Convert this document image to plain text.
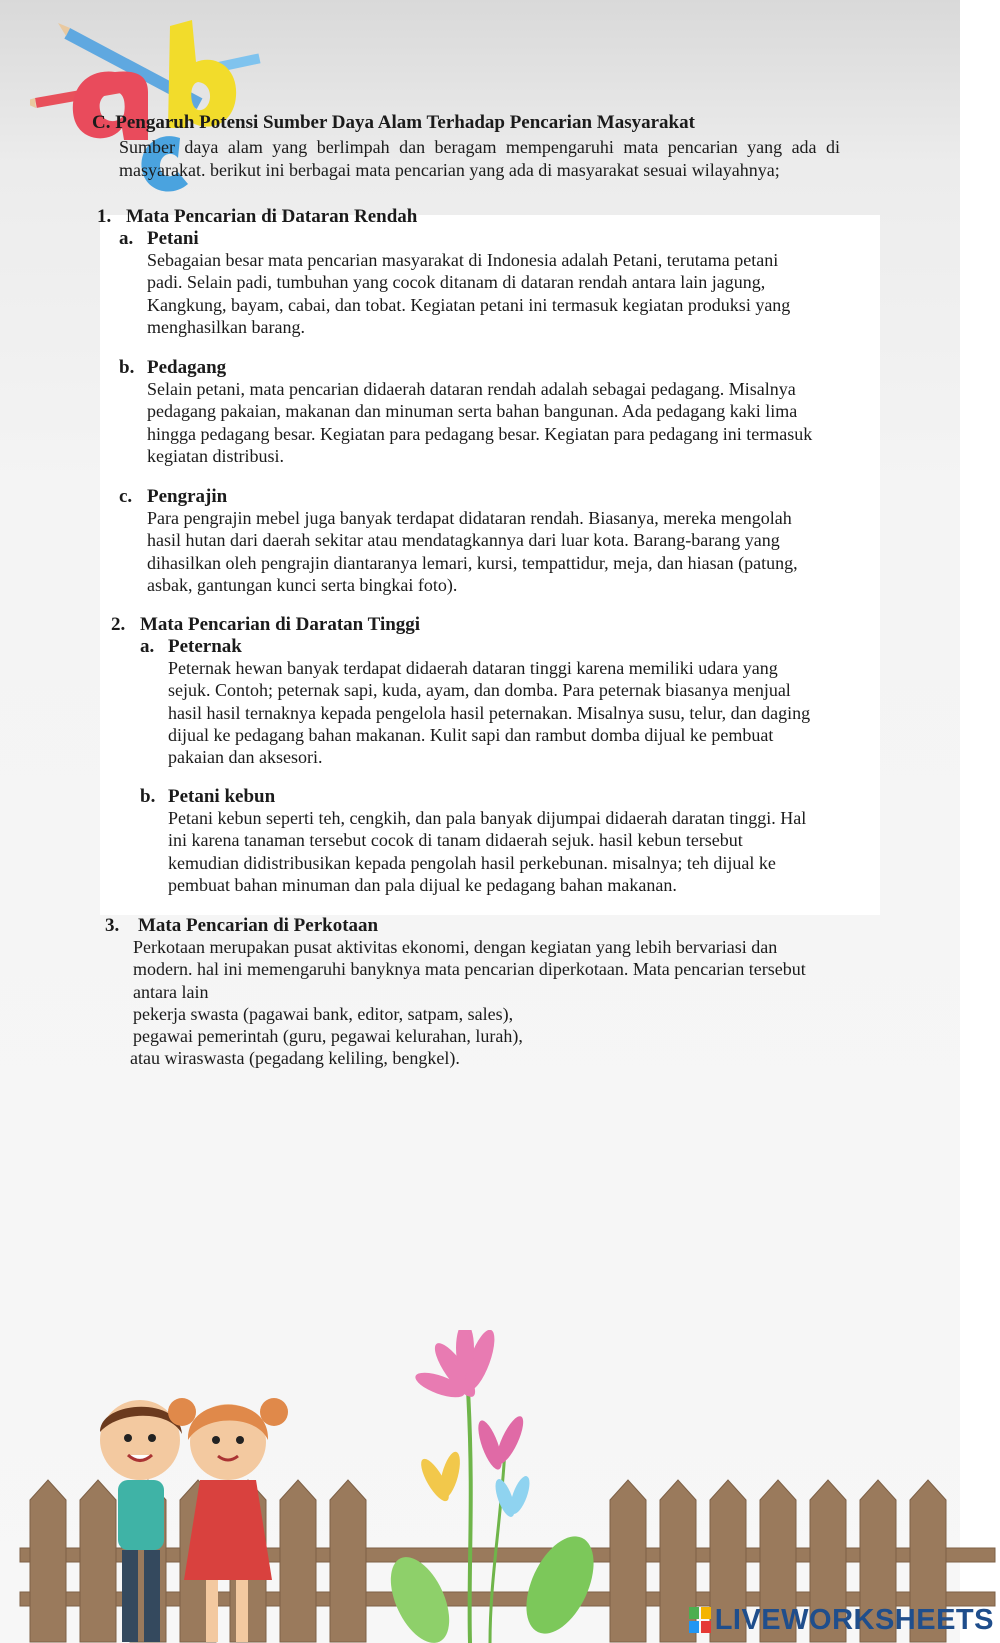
C. Pengaruh Potensi Sumber Daya Alam Terhadap Pencarian Masyarakat
Sumber daya alam yang berlimpah dan beragam mempengaruhi mata pencarian yang ada di
masyarakat. berikut ini berbagai mata pencarian yang ada di masyarakat sesuai wilayahnya;
1. Mata Pencarian di Dataran Rendah
a. Petani
Sebagaian besar mata pencarian masyarakat di Indonesia adalah Petani, terutama petani
padi. Selain padi, tumbuhan yang cocok ditanam di dataran rendah antara lain jagung,
Kangkung, bayam, cabai, dan tobat. Kegiatan petani ini termasuk kegiatan produksi yang
menghasilkan barang.
b. Pedagang
Selain petani, mata pencarian didaerah dataran rendah adalah sebagai pedagang. Misalnya
pedagang pakaian, makanan dan minuman serta bahan bangunan. Ada pedagang kaki lima
hingga pedagang besar. Kegiatan para pedagang besar. Kegiatan para pedagang ini termasuk
kegiatan distribusi.
c. Pengrajin
Para pengrajin mebel juga banyak terdapat didataran rendah. Biasanya, mereka mengolah
hasil hutan dari daerah sekitar atau mendatagkannya dari luar kota. Barang-barang yang
dihasilkan oleh pengrajin diantaranya lemari, kursi, tempattidur, meja, dan hiasan (patung,
asbak, gantungan kunci serta bingkai foto).
2. Mata Pencarian di Daratan Tinggi
a. Peternak
Peternak hewan banyak terdapat didaerah dataran tinggi karena memiliki udara yang
sejuk. Contoh; peternak sapi, kuda, ayam, dan domba. Para peternak biasanya menjual
hasil hasil ternaknya kepada pengelola hasil peternakan. Misalnya susu, telur, dan daging
dijual ke pedagang bahan makanan. Kulit sapi dan rambut domba dijual ke pembuat
pakaian dan aksesori.
b. Petani kebun
Petani kebun seperti teh, cengkih, dan pala banyak dijumpai didaerah daratan tinggi. Hal
ini karena tanaman tersebut cocok di tanam didaerah sejuk. hasil kebun tersebut
kemudian didistribusikan kepada pengolah hasil perkebunan. misalnya; teh dijual ke
pembuat bahan minuman dan pala dijual ke pedagang bahan makanan.
3. Mata Pencarian di Perkotaan
Perkotaan merupakan pusat aktivitas ekonomi, dengan kegiatan yang lebih bervariasi dan
modern. hal ini memengaruhi banyknya mata pencarian diperkotaan. Mata pencarian tersebut
antara lain
pekerja swasta (pagawai bank, editor, satpam, sales),
pegawai pemerintah (guru, pegawai kelurahan, lurah),
atau wiraswasta (pegadang keliling, bengkel).
LIVEWORKSHEETS
